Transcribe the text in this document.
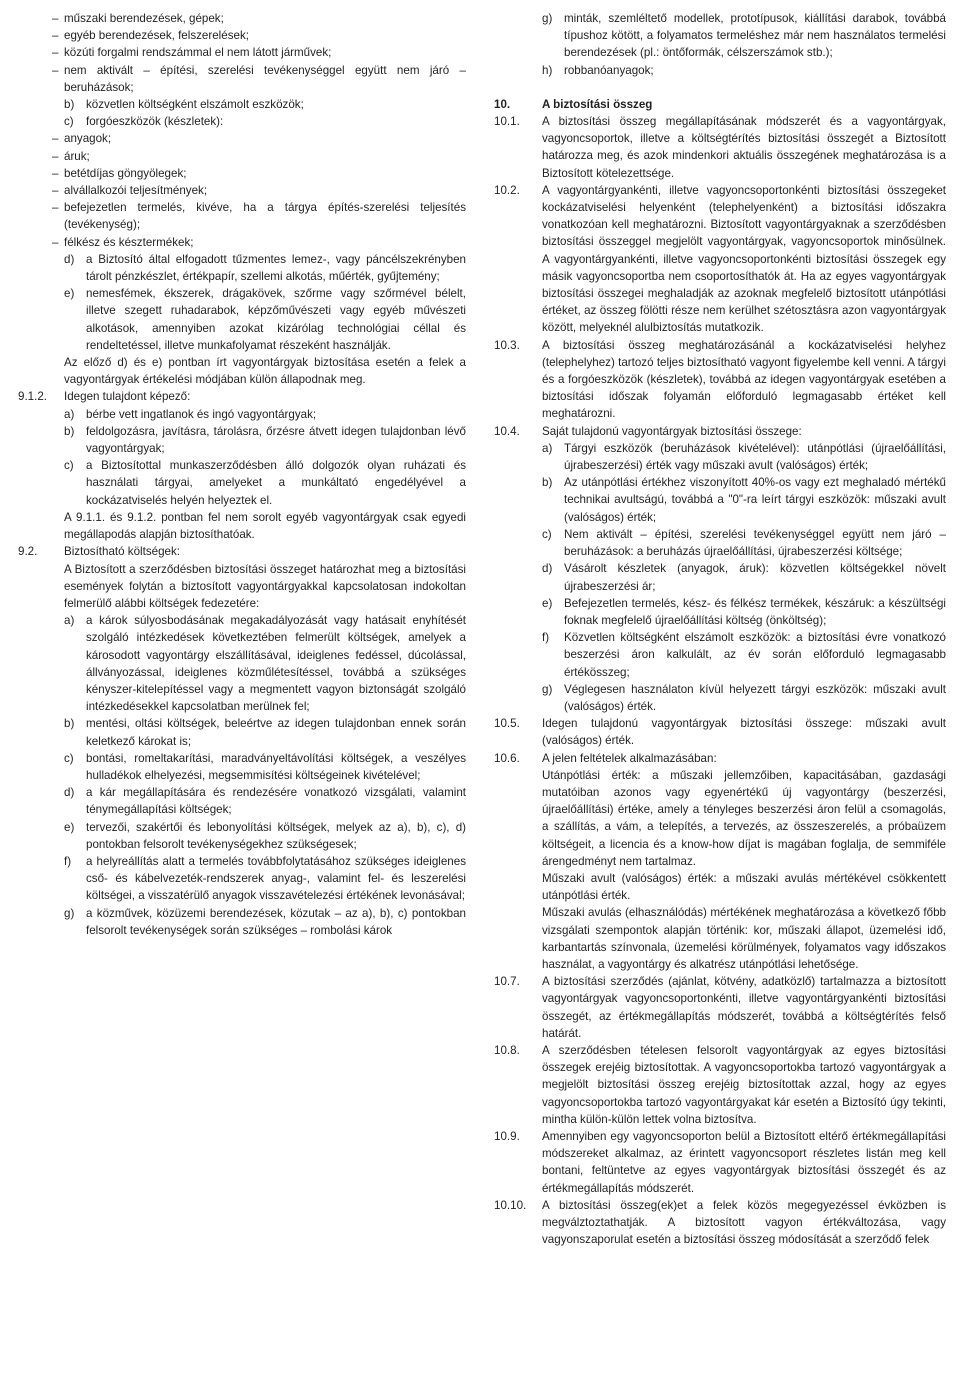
– műszaki berendezések, gépek;
– egyéb berendezések, felszerelések;
– közúti forgalmi rendszámmal el nem látott járművek;
– nem aktivált – építési, szerelési tevékenységgel együtt nem járó – beruházások;
b)	közvetlen költségként elszámolt eszközök;
c)	forgóeszközök (készletek):
– anyagok;
– áruk;
– betétdíjas göngyölegek;
– alvállalkozói teljesítmények;
– befejezetlen termelés, kivéve, ha a tárgya építés-szerelési teljesítés (tevékenység);
– félkész és késztermékek;
d)	a Biztosító által elfogadott tűzmentes lemez-, vagy páncélszekrényben tárolt pénzkészlet, értékpapír, szellemi alkotás, műérték, gyűjtemény;
e)	nemesfémek, ékszerek, drágakövek, szőrme vagy szőrmével bélelt, illetve szegett ruhadarabok, képzőművészeti vagy egyéb művészeti alkotások, amennyiben azokat kizárólag technológiai céllal és rendeltetéssel, illetve munkafolyamat részeként használják.

Az előző d) és e) pontban írt vagyontárgyak biztosítása esetén a felek a vagyontárgyak értékelési módjában külön állapodnak meg.

9.1.2.	Idegen tulajdont képező:

a)	bérbe vett ingatlanok és ingó vagyontárgyak;
b)	feldolgozásra, javításra, tárolásra, őrzésre átvett idegen tulajdonban lévő vagyontárgyak;
c)	a Biztosítottal munkaszerződésben álló dolgozók olyan ruházati és használati tárgyai, amelyeket a munkáltató engedélyével a kockázatviselés helyén helyeztek el.

A 9.1.1. és 9.1.2. pontban fel nem sorolt egyéb vagyontárgyak csak egyedi megállapodás alapján biztosíthatóak.

9.2.	Biztosítható költségek:

A Biztosított a szerződésben biztosítási összeget határozhat meg a biztosítási események folytán a biztosított vagyontárgyakkal kapcsolatosan indokoltan felmerülő alábbi költségek fedezetére:

a)	a károk súlyosbodásának megakadályozását vagy hatásait enyhítését szolgáló intézkedések következtében felmerült költségek, amelyek a károsodott vagyontárgy elszállításával, ideiglenes fedéssel, dúcolással, állványozással, ideiglenes közműlétesítéssel, továbbá a szükséges kényszer-kitelepítéssel vagy a megmentett vagyon biztonságát szolgáló intézkedésekkel kapcsolatban merülnek fel;
b)	mentési, oltási költségek, beleértve az idegen tulajdonban ennek során keletkező károkat is;
c)	bontási, romeltakarítási, maradványeltávolítási költségek, a veszélyes hulladékok elhelyezési, megsemmisítési költségeinek kivételével;
d)	a kár megállapítására és rendezésére vonatkozó vizsgálati, valamint ténymegállapítási költségek;
e)	tervezői, szakértői és lebonyolítási költségek, melyek az a), b), c), d) pontokban felsorolt tevékenységekhez szükségesek;
f)	a helyreállítás alatt a termelés továbbfolytatásához szükséges ideiglenes cső- és kábelvezeték-rendszerek anyag-, valamint fel- és leszerelési költségei, a visszatérülő anyagok visszavételezési értékének levonásával;
g)	a közművek, közüzemi berendezések, közutak – az a), b), c) pontokban felsorolt tevékenységek során szükséges – rombolási károk
g)	minták, szemléltető modellek, prototípusok, kiállítási darabok, továbbá típushoz kötött, a folyamatos termeléshez már nem használatos termelési berendezések (pl.: öntőformák, célszerszámok stb.);
h)	robbanóanyagok;
10.	A biztosítási összeg
10.1.	A biztosítási összeg megállapításának módszerét és a vagyontárgyak, vagyoncsoportok, illetve a költségtérítés biztosítási összegét a Biztosított határozza meg, és azok mindenkori aktuális összegének meghatározása is a Biztosított kötelezettsége.

10.2.	A vagyontárgyankénti, illetve vagyoncsoportonkénti biztosítási összegeket kockázatviselési helyenként (telephelyenként) a biztosítási időszakra vonatkozóan kell meghatározni. Biztosított vagyontárgyaknak a szerződésben biztosítási összeggel megjelölt vagyontárgyak, vagyoncsoportok minősülnek. A vagyontárgyankénti, illetve vagyoncsoportonkénti biztosítási összegek egy másik vagyoncsoportba nem csoportosíthatók át. Ha az egyes vagyontárgyak biztosítási összegei meghaladják az azoknak megfelelő biztosított utánpótlási értéket, az összeg fölötti része nem kerülhet szétosztásra azon vagyontárgyak között, melyeknél alulbiztosítás mutatkozik.

10.3.	A biztosítási összeg meghatározásánál a kockázatviselési helyhez (telephelyhez) tartozó teljes biztosítható vagyont figyelembe kell venni. A tárgyi és a forgóeszközök (készletek), továbbá az idegen vagyontárgyak esetében a biztosítási időszak folyamán előforduló legmagasabb értéket kell meghatározni.

10.4.	Saját tulajdonú vagyontárgyak biztosítási összege:

a)	Tárgyi eszközök (beruházások kivételével): utánpótlási (újraelőállítási, újrabeszerzési) érték vagy műszaki avult (valóságos) érték;
b)	Az utánpótlási értékhez viszonyított 40%-os vagy ezt meghaladó mértékű technikai avultságú, továbbá a "0"-ra leírt tárgyi eszközök: műszaki avult (valóságos) érték;
c)	Nem aktivált – építési, szerelési tevékenységgel együtt nem járó – beruházások: a beruházás újraelőállítási, újrabeszerzési költsége;
d)	Vásárolt készletek (anyagok, áruk): közvetlen költségekkel növelt újrabeszerzési ár;
e)	Befejezetlen termelés, kész- és félkész termékek, készáruk: a készültségi foknak megfelelő újraelőállítási költség (önköltség);
f)	Közvetlen költségként elszámolt eszközök: a biztosítási évre vonatkozó beszerzési áron kalkulált, az év során előforduló legmagasabb értékösszeg;
g)	Véglegesen használaton kívül helyezett tárgyi eszközök: műszaki avult (valóságos) érték.
10.5.	Idegen tulajdonú vagyontárgyak biztosítási összege: műszaki avult (valóságos) érték.

10.6.	A jelen feltételek alkalmazásában:

Utánpótlási érték: a műszaki jellemzőiben, kapacitásában, gazdasági mutatóiban azonos vagy egyenértékű új vagyontárgy (beszerzési, újraelőállítási) értéke, amely a tényleges beszerzési áron felül a csomagolás, a szállítás, a vám, a telepítés, a tervezés, az összeszerelés, a próbaüzem költségeit, a licencia és a know-how díjat is magában foglalja, de semmiféle árengedményt nem tartalmaz.

Műszaki avult (valóságos) érték: a műszaki avulás mértékével csökkentett utánpótlási érték.

Műszaki avulás (elhasználódás) mértékének meghatározása a következő főbb vizsgálati szempontok alapján történik: kor, műszaki állapot, üzemelési idő, karbantartás színvonala, üzemelési körülmények, folyamatos vagy időszakos használat, a vagyontárgy és alkatrész utánpótlási lehetősége.

10.7.	A biztosítási szerződés (ajánlat, kötvény, adatközlő) tartalmazza a biztosított vagyontárgyak vagyoncsoportonkénti, illetve vagyontárgyankénti biztosítási összegét, az értékmegállapítás módszerét, továbbá a költségtérítés felső határát.

10.8.	A szerződésben tételesen felsorolt vagyontárgyak az egyes biztosítási összegek erejéig biztosítottak. A vagyoncsoportokba tartozó vagyontárgyak a megjelölt biztosítási összeg erejéig biztosítottak azzal, hogy az egyes vagyoncsoportokba tartozó vagyontárgyakat kár esetén a Biztosító úgy tekinti, mintha külön-külön lettek volna biztosítva.

10.9.	Amennyiben egy vagyoncsoporton belül a Biztosított eltérő értékmegállapítási módszereket alkalmaz, az érintett vagyoncsoport részletes listán meg kell bontani, feltüntetve az egyes vagyontárgyak biztosítási összegét és az értékmegállapítás módszerét.

10.10.	A biztosítási összeg(ek)et a felek közös megegyezéssel évközben is megválztoztathatják. A biztosított vagyon értékváltozása, vagy vagyonszaporulat esetén a biztosítási összeg módosítását a szerződő felek
